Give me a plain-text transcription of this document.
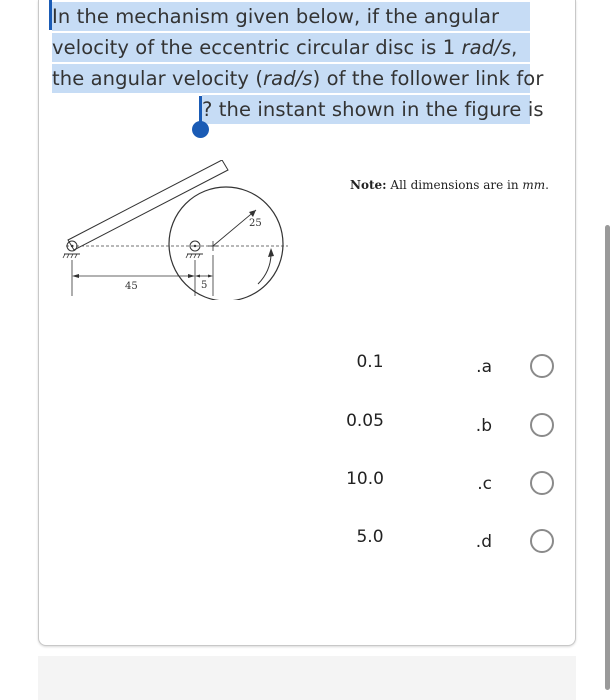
In the mechanism given below, if the angular
velocity of the eccentric circular disc is 1 rad/s,
the angular velocity (rad/s) of the follower link for
? the instant shown in the figure is
45	5
25
Note: All dimensions are in mm.
0.1	.a
0.05	.b
10.0	.c
5.0	.d
